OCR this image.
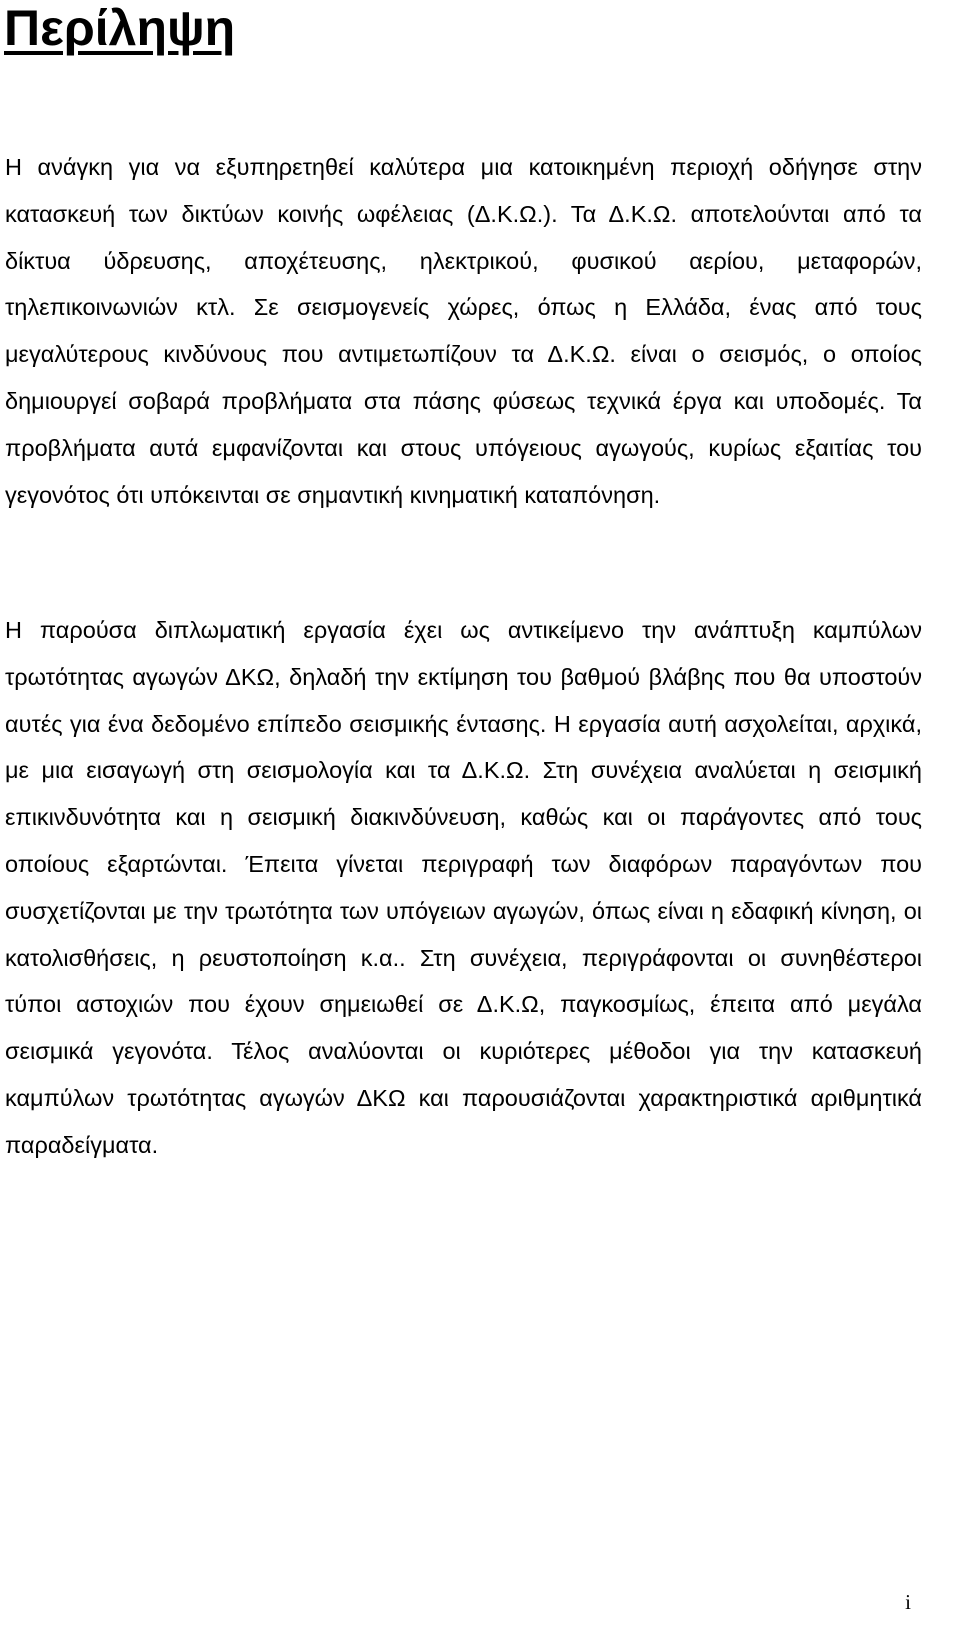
Περίληψη

Η ανάγκη για να εξυπηρετηθεί καλύτερα μια κατοικημένη περιοχή οδήγησε στην κατασκευή των δικτύων κοινής ωφέλειας (Δ.Κ.Ω.). Τα Δ.Κ.Ω. αποτελούνται από τα δίκτυα ύδρευσης, αποχέτευσης, ηλεκτρικού, φυσικού αερίου, μεταφορών, τηλεπικοινωνιών κτλ. Σε σεισμογενείς χώρες, όπως η Ελλάδα, ένας από τους μεγαλύτερους κινδύνους που αντιμετωπίζουν τα Δ.Κ.Ω. είναι ο σεισμός, ο οποίος δημιουργεί σοβαρά προβλήματα στα πάσης φύσεως τεχνικά έργα και υποδομές. Τα προβλήματα αυτά εμφανίζονται και στους υπόγειους αγωγούς, κυρίως εξαιτίας του γεγονότος ότι υπόκεινται σε σημαντική κινηματική καταπόνηση.

Η παρούσα διπλωματική εργασία έχει ως αντικείμενο την ανάπτυξη καμπύλων τρωτότητας αγωγών ΔΚΩ, δηλαδή την εκτίμηση του βαθμού βλάβης που θα υποστούν αυτές για ένα δεδομένο επίπεδο σεισμικής έντασης. Η εργασία αυτή ασχολείται, αρχικά, με μια εισαγωγή στη σεισμολογία και τα Δ.Κ.Ω. Στη συνέχεια αναλύεται η σεισμική επικινδυνότητα και η σεισμική διακινδύνευση, καθώς και οι παράγοντες από τους οποίους εξαρτώνται. Έπειτα γίνεται περιγραφή των διαφόρων παραγόντων που συσχετίζονται με την τρωτότητα των υπόγειων αγωγών, όπως είναι η εδαφική κίνηση, οι κατολισθήσεις, η ρευστοποίηση κ.α.. Στη συνέχεια, περιγράφονται οι συνηθέστεροι τύποι αστοχιών που έχουν σημειωθεί σε Δ.Κ.Ω, παγκοσμίως, έπειτα από μεγάλα σεισμικά γεγονότα. Τέλος αναλύονται οι κυριότερες μέθοδοι για την κατασκευή καμπύλων τρωτότητας αγωγών ΔΚΩ και παρουσιάζονται χαρακτηριστικά αριθμητικά παραδείγματα.

i
